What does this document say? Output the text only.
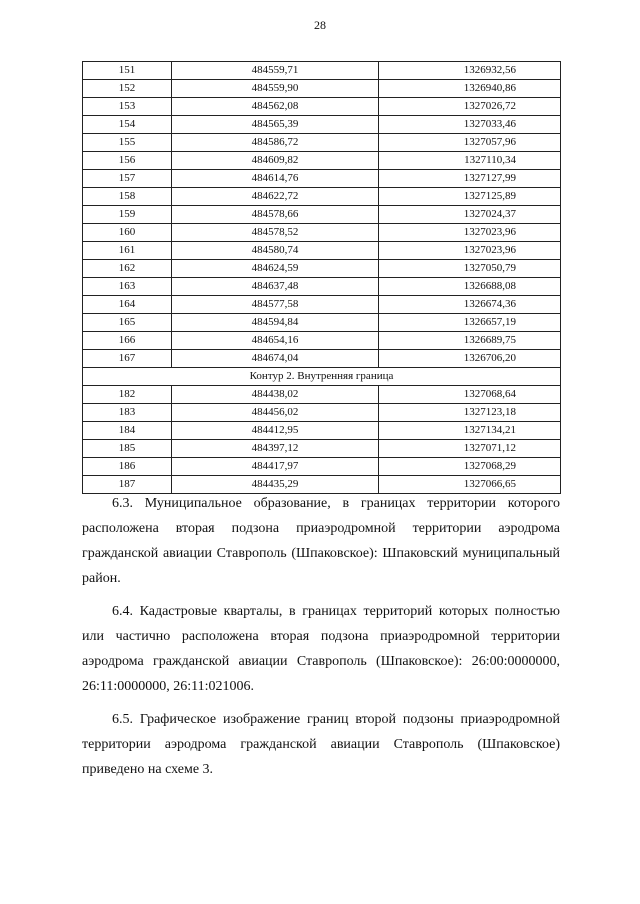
28
151	484559,71	1326932,56
152	484559,90	1326940,86
153	484562,08	1327026,72
154	484565,39	1327033,46
155	484586,72	1327057,96
156	484609,82	1327110,34
157	484614,76	1327127,99
158	484622,72	1327125,89
159	484578,66	1327024,37
160	484578,52	1327023,96
161	484580,74	1327023,96
162	484624,59	1327050,79
163	484637,48	1326688,08
164	484577,58	1326674,36
165	484594,84	1326657,19
166	484654,16	1326689,75
167	484674,04	1326706,20
Контур 2. Внутренняя граница		
182	484438,02	1327068,64
183	484456,02	1327123,18
184	484412,95	1327134,21
185	484397,12	1327071,12
186	484417,97	1327068,29
187	484435,29	1327066,65

6.3. Муниципальное образование, в границах территории которого расположена вторая подзона приаэродромной территории аэродрома гражданской авиации Ставрополь (Шпаковское): Шпаковский муниципальный район.

6.4. Кадастровые кварталы, в границах территорий которых полностью или частично расположена вторая подзона приаэродромной территории аэродрома гражданской авиации Ставрополь (Шпаковское): 26:00:0000000, 26:11:0000000, 26:11:021006.

6.5. Графическое изображение границ второй подзоны приаэродромной территории аэродрома гражданской авиации Ставрополь (Шпаковское) приведено на схеме 3.
